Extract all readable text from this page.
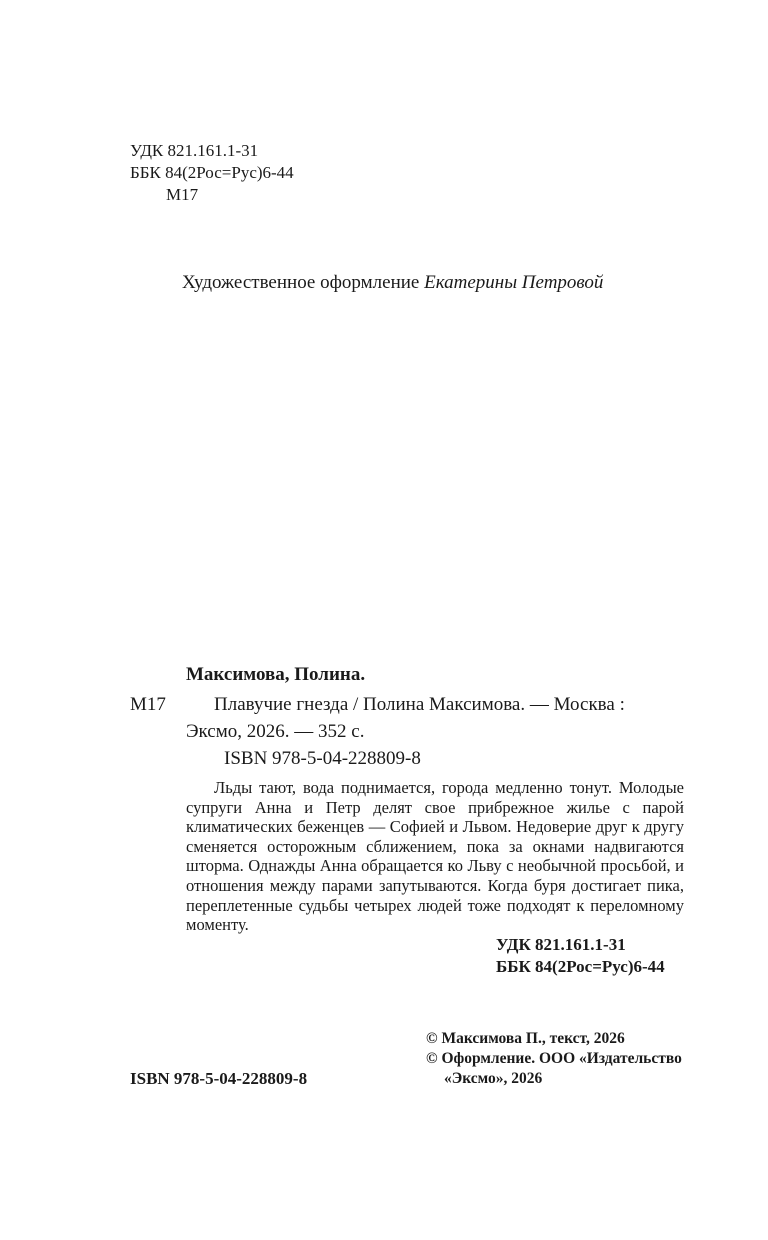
УДК 821.161.1-31
ББК 84(2Рос=Рус)6-44
М17
Художественное оформление Екатерины Петровой
Максимова, Полина.
М17	Плавучие гнезда / Полина Максимова. — Москва :
Эксмо, 2026. — 352 с.
ISBN 978-5-04-228809-8
Льды тают, вода поднимается, города медленно тонут. Молодые супруги Анна и Петр делят свое прибрежное жилье с парой климатических беженцев — Софией и Львом. Недоверие друг к другу сменяется осторожным сближением, пока за окнами надвигаются шторма. Однажды Анна обращается ко Льву с необычной просьбой, и отношения между парами запутываются. Когда буря достигает пика, переплетенные судьбы четырех людей тоже подходят к переломному моменту.
УДК 821.161.1-31
ББК 84(2Рос=Рус)6-44
© Максимова П., текст, 2026
© Оформление. ООО «Издательство
«Эксмо», 2026
ISBN 978-5-04-228809-8
